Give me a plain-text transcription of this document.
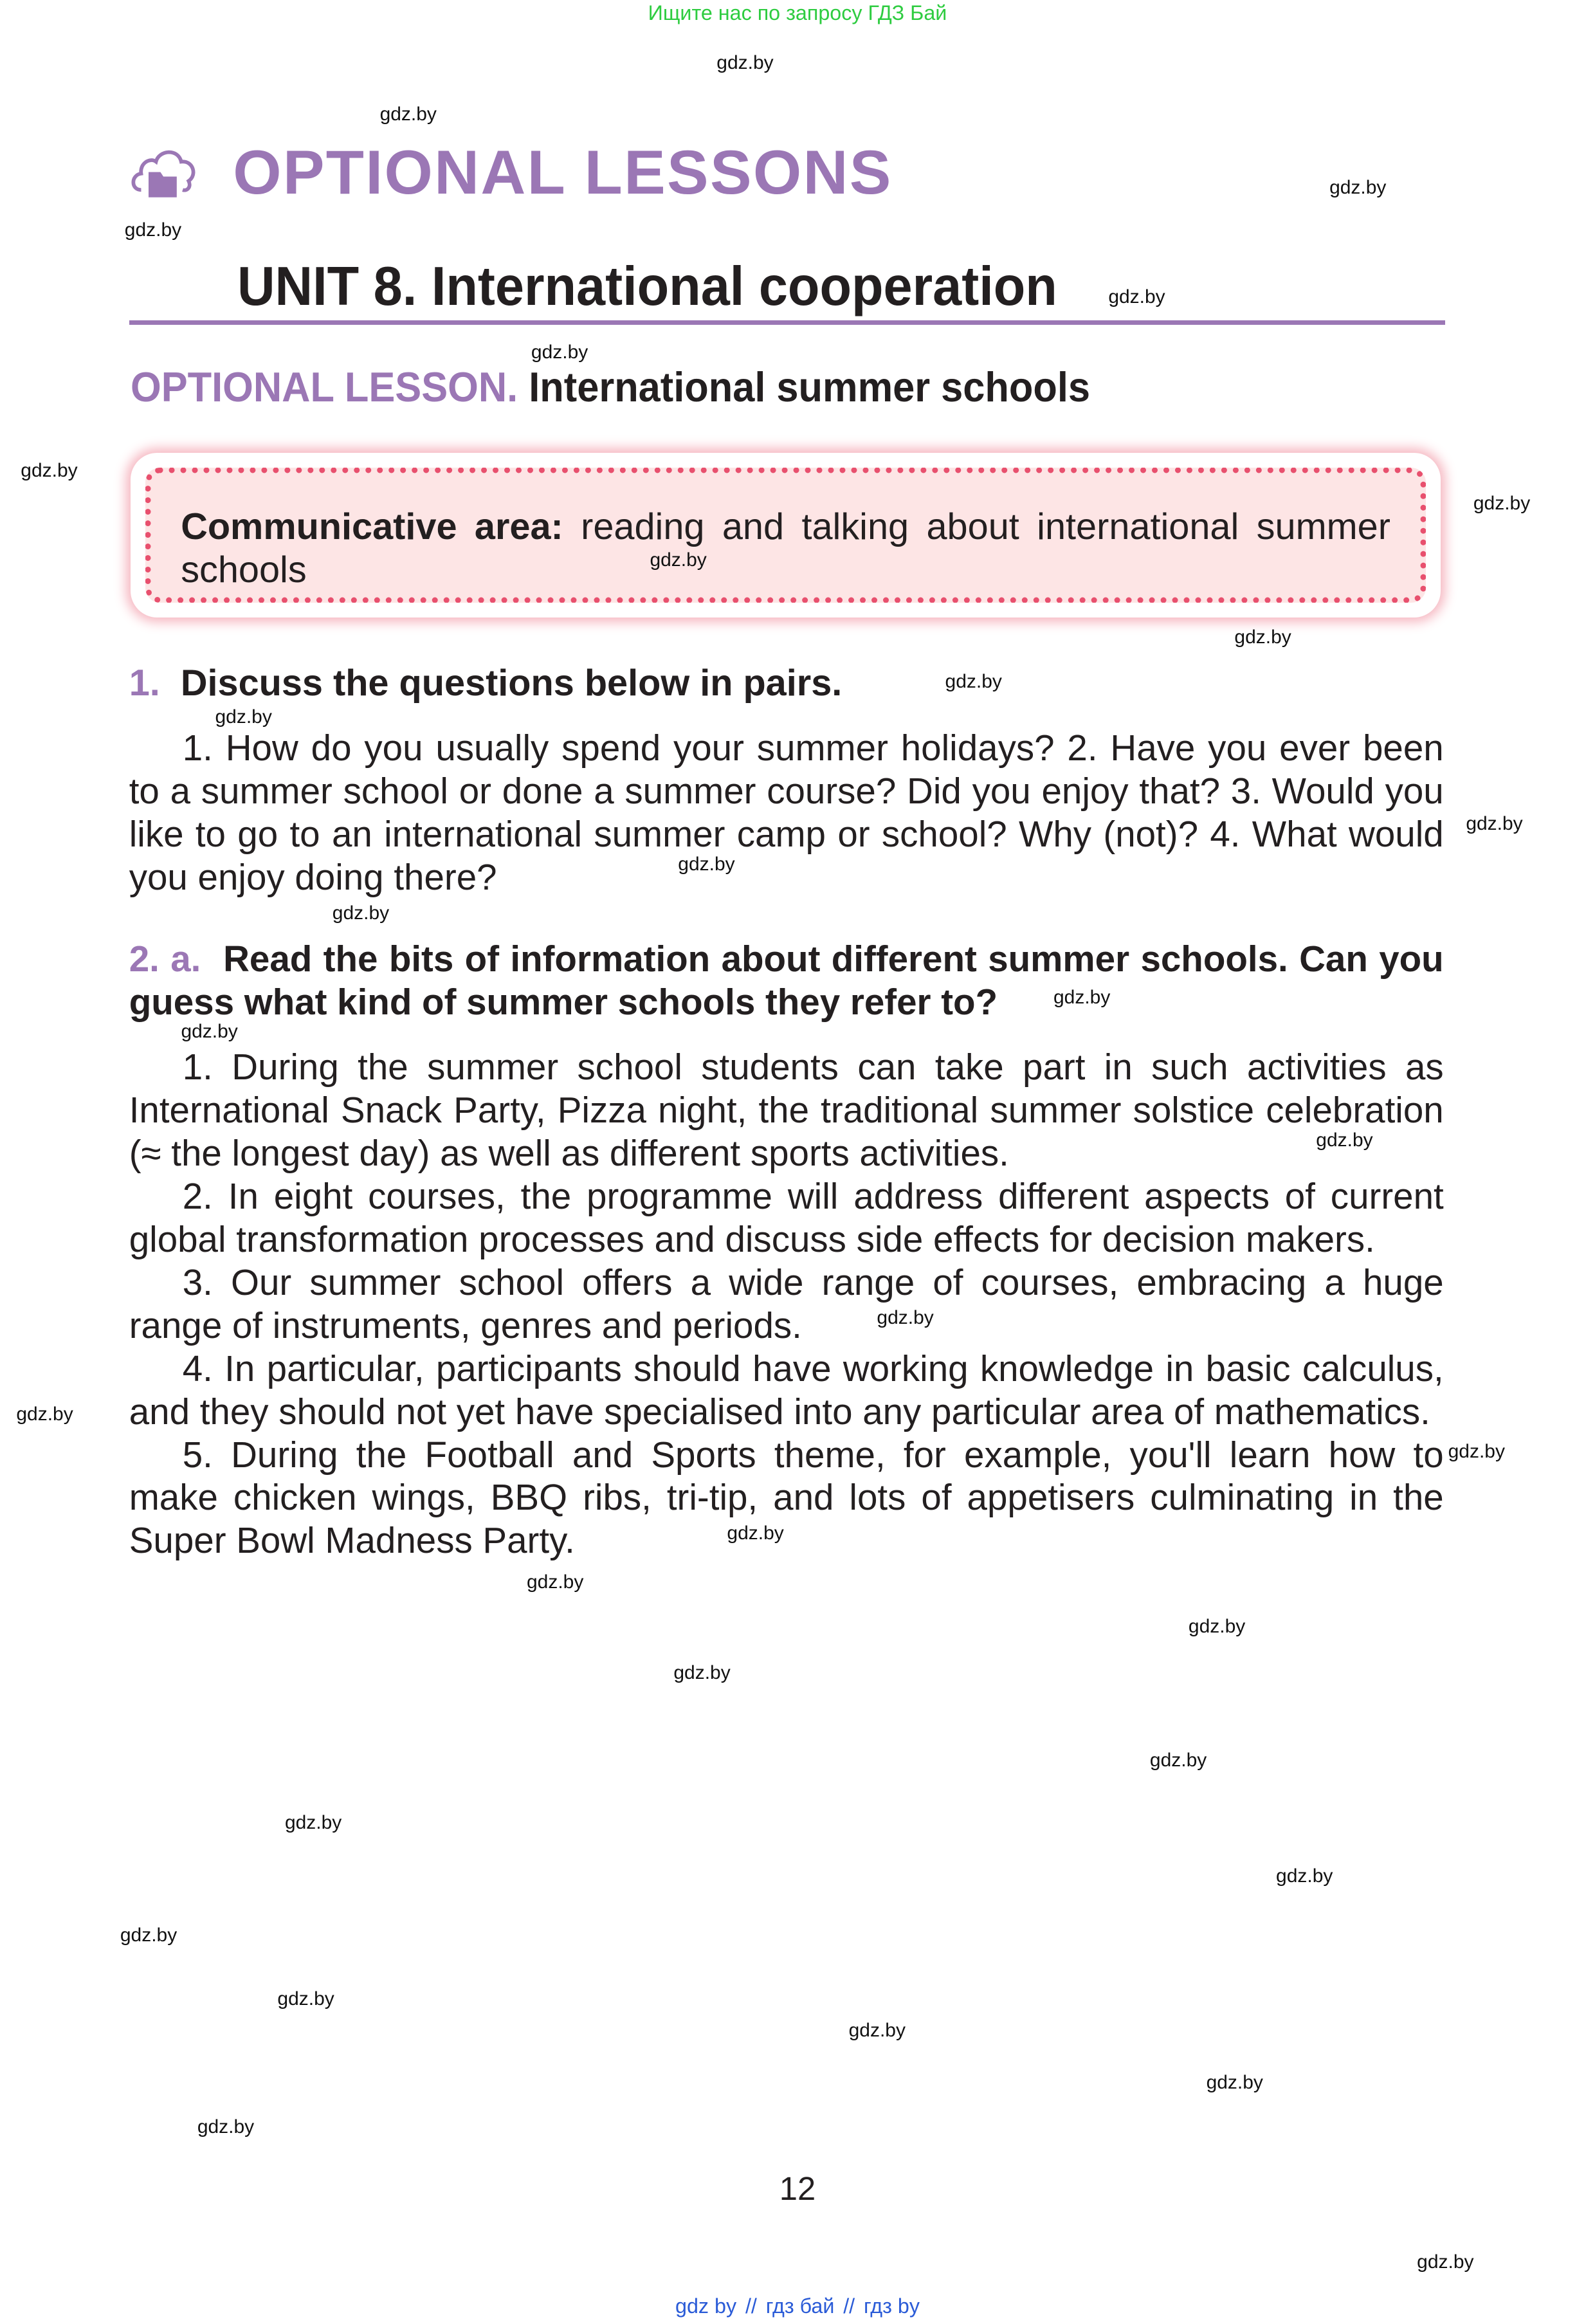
Ищите нас по запросу ГДЗ Бай
OPTIONAL LESSONS
UNIT 8. International cooperation
OPTIONAL LESSON. International summer schools
Communicative area: reading and talking about international summer schools
1. Discuss the questions below in pairs.
1. How do you usually spend your summer holidays? 2. Have you ever been to a summer school or done a summer course? Did you enjoy that? 3. Would you like to go to an international summer camp or school? Why (not)? 4. What would you enjoy doing there?
2. a. Read the bits of information about different summer schools. Can you guess what kind of summer schools they refer to?
1. During the summer school students can take part in such activities as International Snack Party, Pizza night, the traditional summer solstice celebration (≈ the longest day) as well as different sports activities.
2. In eight courses, the programme will address different aspects of current global transformation processes and discuss side effects for decision makers.
3. Our summer school offers a wide range of courses, embracing a huge range of instruments, genres and periods.
4. In particular, participants should have working knowledge in basic calculus, and they should not yet have specialised into any particular area of mathematics.
5. During the Football and Sports theme, for example, you'll learn how to make chicken wings, BBQ ribs, tri-tip, and lots of appetisers culminating in the Super Bowl Madness Party.
12
gdz by // гдз бай // гдз by
gdz.by
gdz.by
gdz.by
gdz.by
gdz.by
gdz.by
gdz.by
gdz.by
gdz.by
gdz.by
gdz.by
gdz.by
gdz.by
gdz.by
gdz.by
gdz.by
gdz.by
gdz.by
gdz.by
gdz.by
gdz.by
gdz.by
gdz.by
gdz.by
gdz.by
gdz.by
gdz.by
gdz.by
gdz.by
gdz.by
gdz.by
gdz.by
gdz.by
gdz.by
